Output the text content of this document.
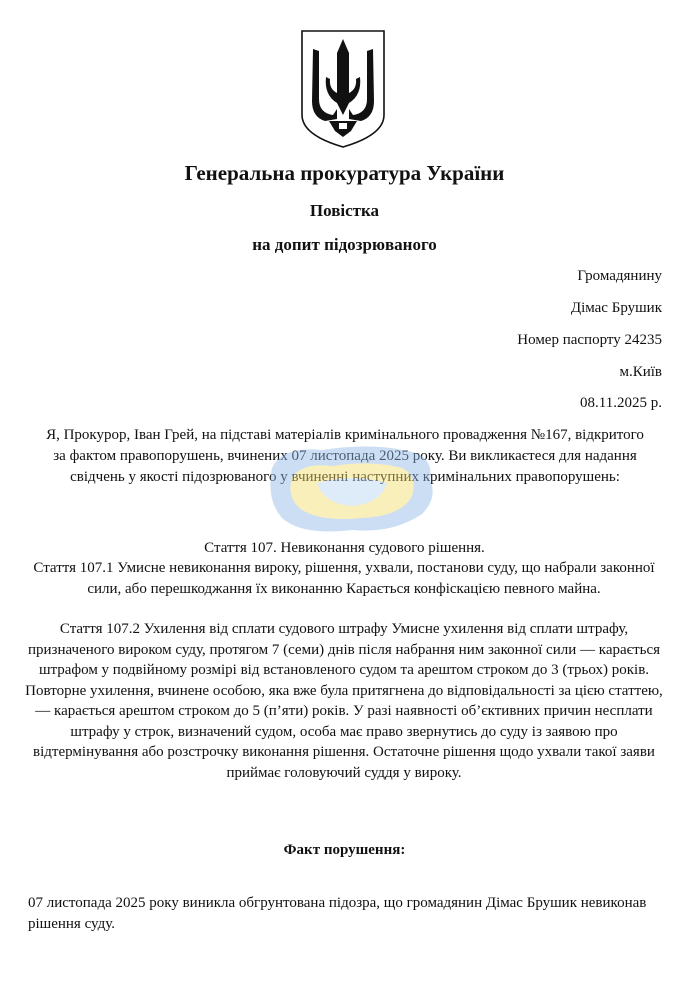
Генеральна прокуратура України
Повістка
на допит підозрюваного
Громадянину
Дімас Брушик
Номер паспорту 24235
м.Київ
08.11.2025 р.
Я, Прокурор, Іван Грей, на підставі матеріалів кримінального провадження №167, відкритого за фактом правопорушень, вчинених 07 листопада 2025 року. Ви викликаєтеся для надання свідчень у якості підозрюваного у вчиненні наступних кримінальних правопорушень:
Стаття 107. Невиконання судового рішення.
Стаття 107.1 Умисне невиконання вироку, рішення, ухвали, постанови суду, що набрали законної сили, або перешкоджання їх виконанню Карається конфіскацією певного майна.
Стаття 107.2 Ухилення від сплати судового штрафу Умисне ухилення від сплати штрафу, призначеного вироком суду, протягом 7 (семи) днів після набрання ним законної сили — карається штрафом у подвійному розмірі від встановленого судом та арештом строком до 3 (трьох) років. Повторне ухилення, вчинене особою, яка вже була притягнена до відповідальності за цією статтею, — карається арештом строком до 5 (п’яти) років. У разі наявності об’єктивних причин несплати штрафу у строк, визначений судом, особа має право звернутись до суду із заявою про відтермінування або розстрочку виконання рішення. Остаточне рішення щодо ухвали такої заяви приймає головуючий суддя у вироку.
Факт порушення:
07 листопада 2025 року виникла обгрунтована підозра, що громадянин Дімас Брушик невиконав рішення суду.
